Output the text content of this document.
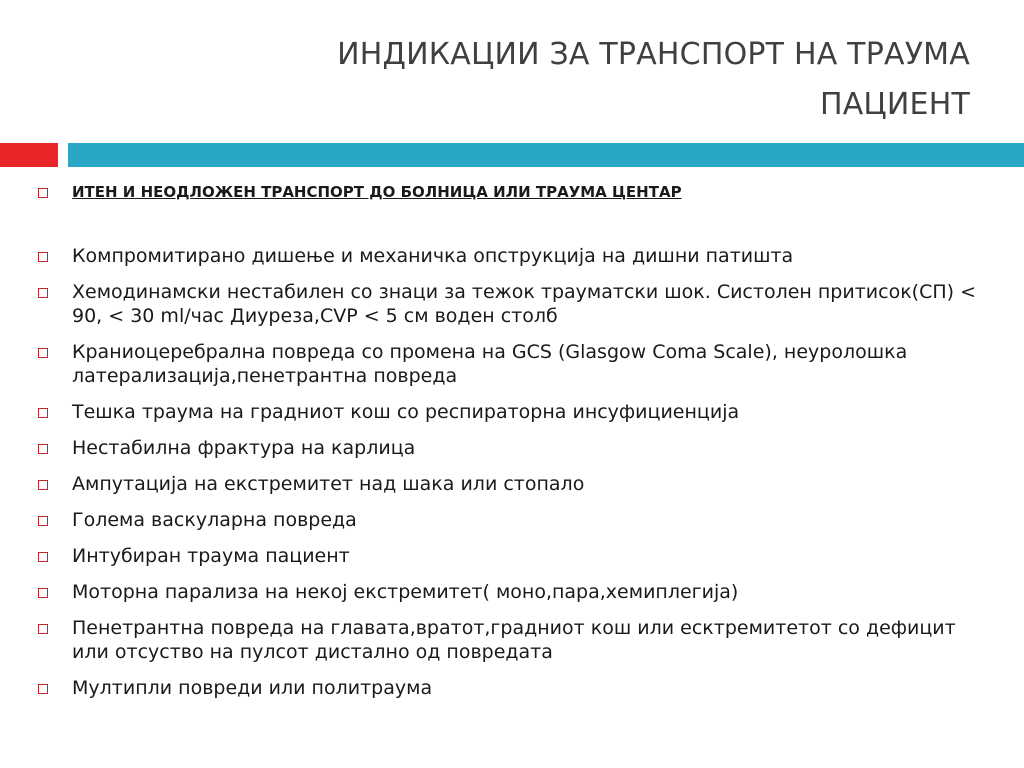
ИНДИКАЦИИ ЗА ТРАНСПОРТ НА ТРАУМА
ПАЦИЕНТ
ИТЕН И НЕОДЛОЖЕН ТРАНСПОРТ ДО БОЛНИЦА ИЛИ ТРАУМА ЦЕНТАР
Компромитирано дишење и механичка опструкција на дишни патишта
Хемодинамски нестабилен со знаци за тежок трауматски шок. Систолен притисок(СП) < 90, < 30 ml/час Диуреза,CVP < 5 см воден столб
Краниоцеребрална повреда со промена на GCS (Glasgow Coma Scale), неуролошка латерализација,пенетрантна повреда
Тешка траума на градниот кош со респираторна инсуфициенција
Нестабилна фрактура на карлица
Ампутација на екстремитет над шака или стопало
Голема васкуларна повреда
Интубиран траума пациент
Моторна парализа на некој екстремитет( моно,пара,хемиплегија)
Пенетрантна повреда на главата,вратот,градниот кош или есктремитетот со дефицит или отсуство на пулсот дистално од повредата
Мултипли повреди или политраума
